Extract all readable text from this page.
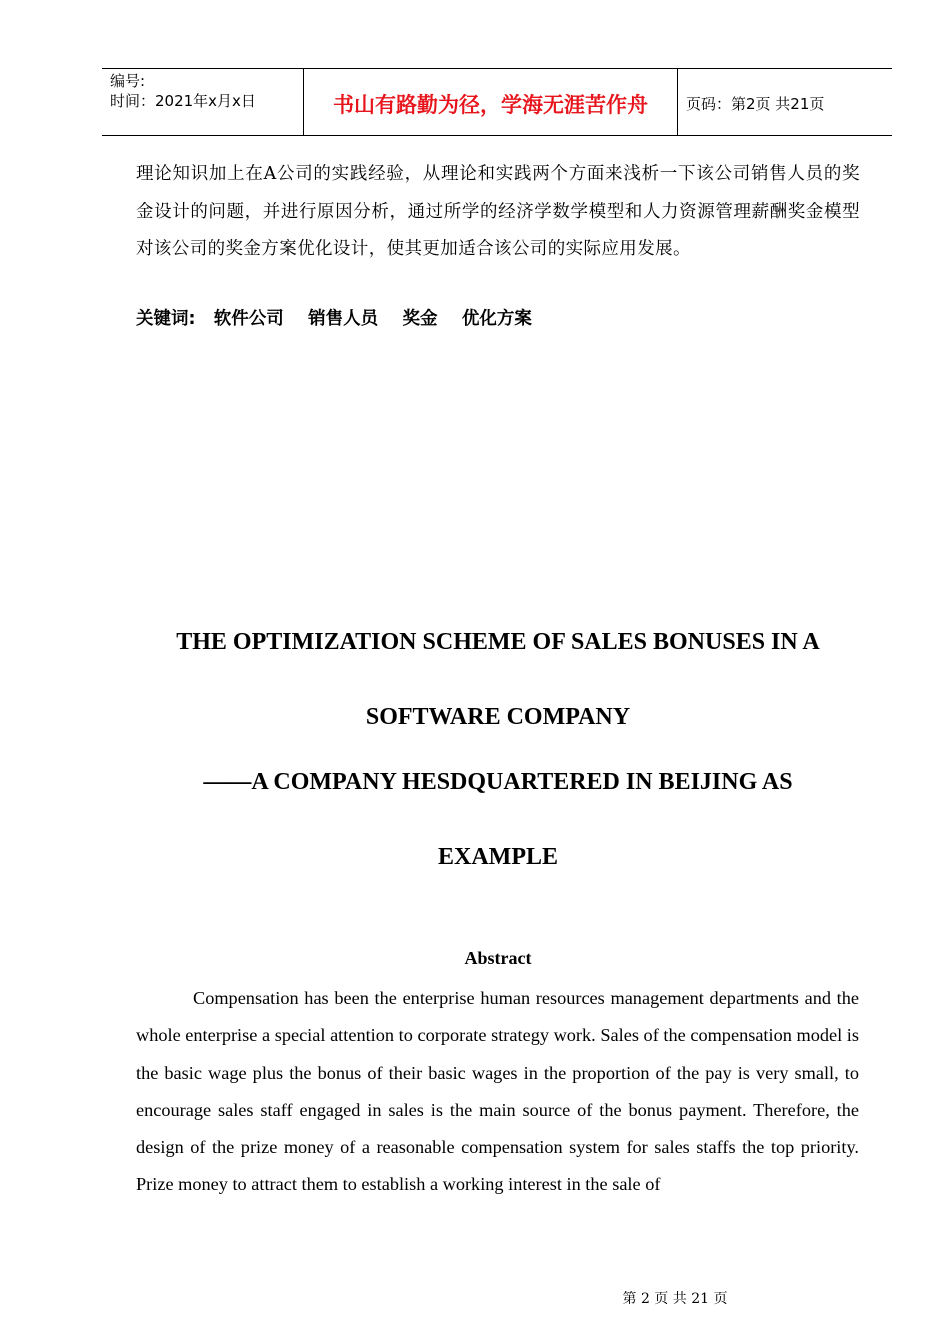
编号:
时间：2021年x月x日	书山有路勤为径，学海无涯苦作舟	页码：第2页 共21页

理论知识加上在A公司的实践经验，从理论和实践两个方面来浅析一下该公司销售人员的奖金设计的问题，并进行原因分析，通过所学的经济学数学模型和人力资源管理薪酬奖金模型对该公司的奖金方案优化设计，使其更加适合该公司的实际应用发展。

关键词:   软件公司    销售人员    奖金    优化方案
THE OPTIMIZATION SCHEME OF SALES BONUSES IN A
SOFTWARE COMPANY
——A COMPANY HESDQUARTERED IN BEIJING AS
EXAMPLE
Abstract

Compensation has been the enterprise human resources management departments and the whole enterprise a special attention to corporate strategy work. Sales of the compensation model is the basic wage plus the bonus of their basic wages in the proportion of the pay is very small, to encourage sales staff engaged in sales is the main source of the bonus payment. Therefore, the design of the prize money of a reasonable compensation system for sales staffs the top priority. Prize money to attract them to establish a working interest in the sale of

第 2 页 共 21 页
